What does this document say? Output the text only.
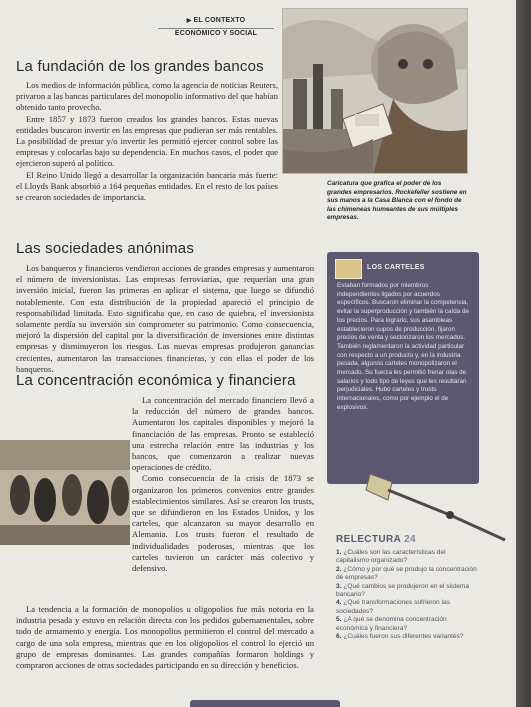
▶ EL CONTEXTO
ECONÓMICO Y SOCIAL
Caricatura que grafica el poder de los grandes empresarios. Rockefeller sostiene en sus manos a la Casa Blanca con el fondo de las chimeneas humeantes de sus múltiples empresas.
La fundación de los grandes bancos

Los medios de información pública, como la agencia de noticias Reuters, privaron a las bancas particulares del monopolio informativo del que habían obtenido tanto provecho.

Entre 1857 y 1873 fueron creados los grandes bancos. Estas nuevas entidades buscaron invertir en las empresas que pudieran ser más rentables. La posibilidad de prestar y/o invertir les permitió ejercer control sobre las empresas y colocarlas bajo su dependencia. En muchos casos, el poder que ejercieron superó al político.

El Reino Unido llegó a desarrollar la organización bancaria más fuerte: el Lloyds Bank absorbió a 164 pequeñas entidades. En el resto de los países se crearon sociedades de importancia.

Las sociedades anónimas

Los banqueros y financieros vendieron acciones de grandes empresas y aumentaron el número de inversionistas. Las empresas ferroviarias, que requerían una gran inversión inicial, fueron las primeras en aplicar el sistema, que luego se difundió notablemente. Con esta distribución de la propiedad apareció el principio de responsabilidad limitada. Esto significaba que, en caso de quiebra, el inversionista solamente perdía su inversión sin comprometer su patrimonio. Como consecuencia, mejoró la dispersión del capital por la diversificación de inversiones entre distintas empresas y disminuyeron los riesgos. Las nuevas empresas produjeron ganancias crecientes, aumentaron las transacciones financieras, y con ellas el poder de los banqueros.

La concentración económica y financiera

La concentración del mercado financiero llevó a la reducción del número de grandes bancos. Aumentaron los capitales disponibles y mejoró la financiación de las empresas. Pronto se estableció una estrecha relación entre las industrias y los bancos, que comenzaron a realizar nuevas operaciones de crédito.

Como consecuencia de la crisis de 1873 se organizaron los primeros convenios entre grandes establecimientos similares. Así se crearon los trusts, que se difundieron en los Estados Unidos, y los carteles, que alcanzaron su mayor desarrollo en Alemania. Los trusts fueron el resultado de individualidades poderosas, mientras que los carteles tuvieron un carácter más colectivo y defensivo.

La tendencia a la formación de monopolios u oligopolios fue más notoria en la industria pesada y estuvo en relación directa con los pedidos gubernamentales, sobre todo de armamento y energía. Los monopolios permitieron el control del mercado a cargo de una sola empresa, mientras que en los oligopolios el control lo ejerció un grupo de empresas dominantes. Las grandes compañías formaron holdings y compraron acciones de otras sociedades participando en su dirección y beneficios.

LOS CARTELES
Estaban formados por miembros independientes ligados por acuerdos específicos. Buscaron eliminar la competencia, evitar la superproducción y también la caída de los precios. Para lograrlo, sus asambleas establecieron cupos de producción, fijaron precios de venta y sectorizaron los mercados. También reglamentaron la actividad particular con respecto a un producto y, en la industria pesada, algunos carteles monopolizaron el mercado. Su fuerza les permitió frenar olas de salarios y todo tipo de leyes que les resultaran perjudiciales. Hubo carteles y trusts internacionales, como por ejemplo el de explosivos.
RELECTURA 24
1. ¿Cuáles son las características del capitalismo organizado?
2. ¿Cómo y por qué se produjo la concentración de empresas?
3. ¿Qué cambios se produjeron en el sistema bancario?
4. ¿Qué transformaciones sufrieron las sociedades?
5. ¿A qué se denomina concentración económica y financiera?
6. ¿Cuáles fueron sus diferentes variantes?
